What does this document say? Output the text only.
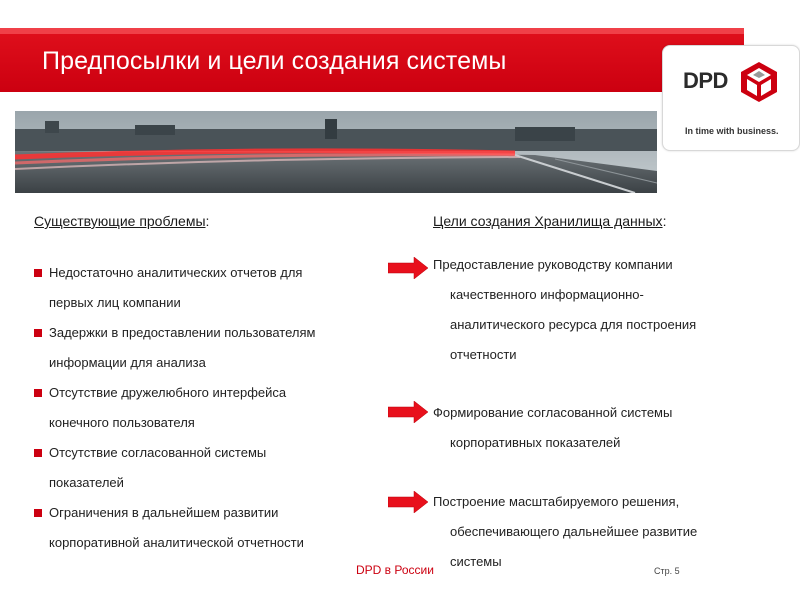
Предпосылки и цели создания системы
DPD
In time with business.
Существующие проблемы:	Цели создания Хранилища данных:
Недостаточно аналитических отчетов для
первых лиц компании
Задержки в предоставлении пользователям
информации для анализа
Отсутствие дружелюбного интерфейса
конечного пользователя
Отсутствие согласованной системы
показателей
Ограничения в дальнейшем развитии
корпоративной аналитической отчетности
Предоставление руководству компании
качественного информационно-
аналитического ресурса для построения
отчетности
Формирование согласованной системы
корпоративных показателей
Построение масштабируемого решения,
обеспечивающего дальнейшее развитие
системы
DPD в России	Стр. 5
